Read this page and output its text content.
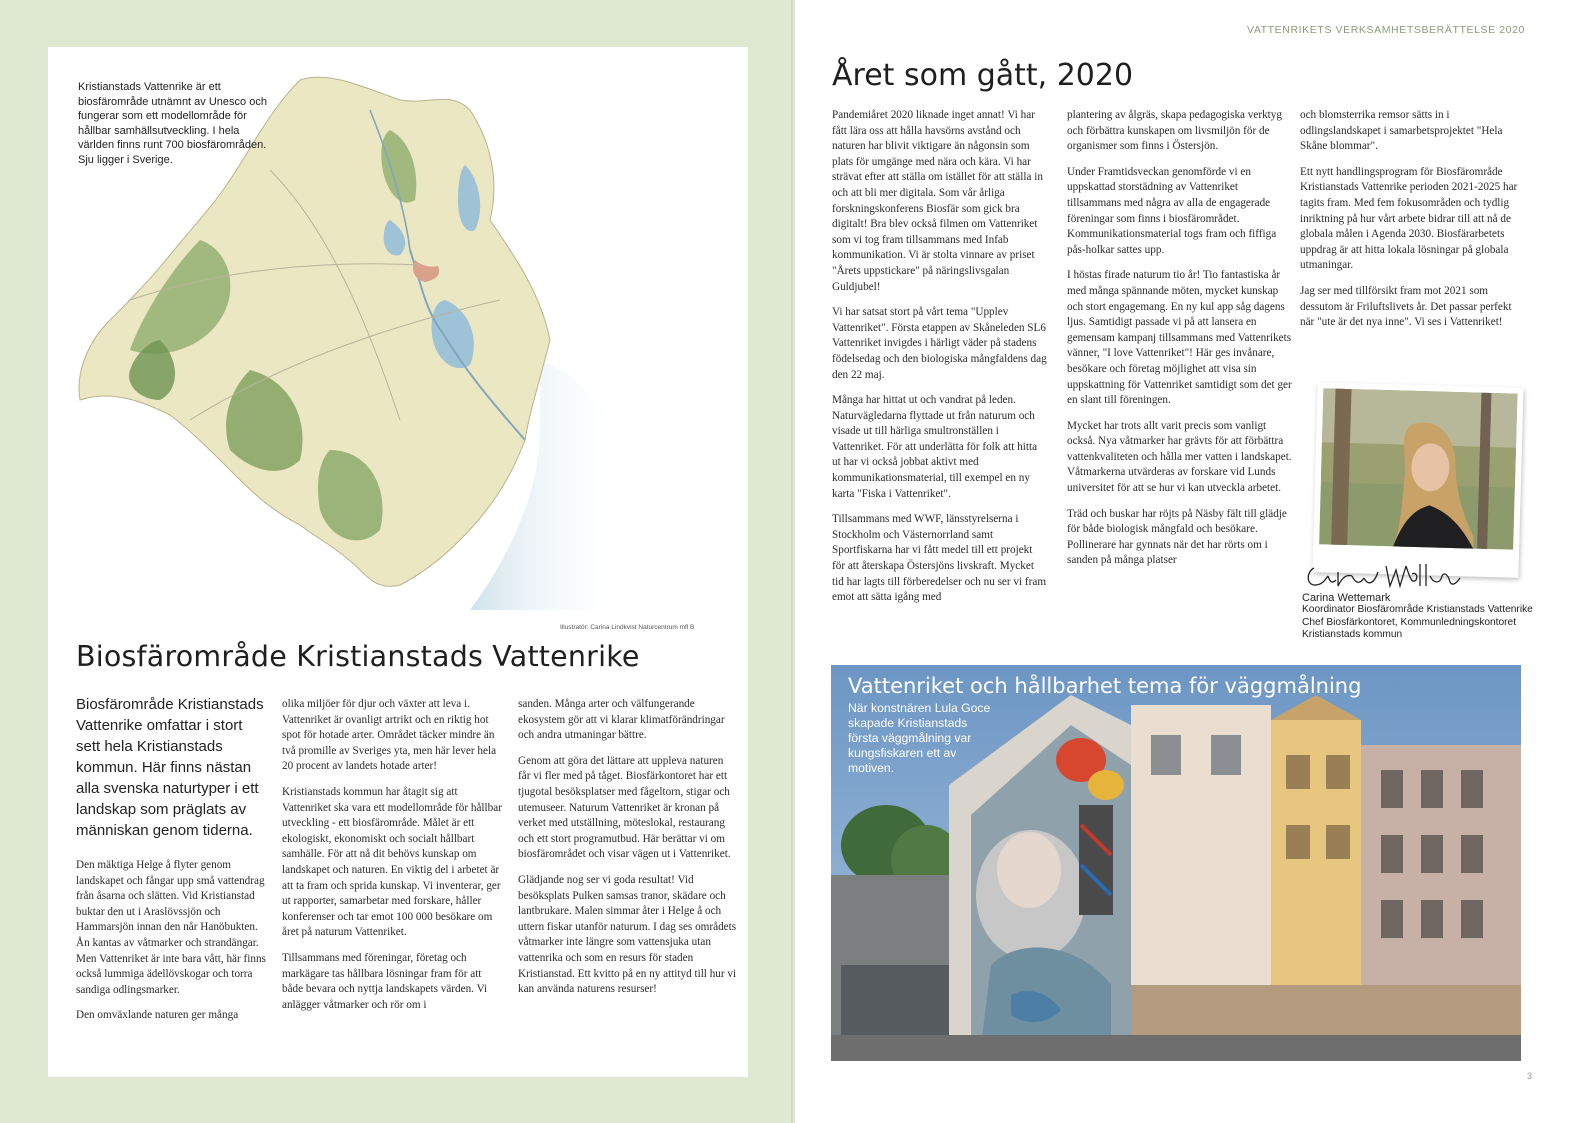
Kristianstads Vattenrike är ett biosfärområde utnämnt av Unesco och fungerar som ett modellområde för hållbar samhällsutveckling. I hela världen finns runt 700 biosfärområden. Sju ligger i Sverige.
Illustratör: Carina Lindkvist Naturcentrum mfl B
Biosfärområde Kristianstads Vattenrike
Biosfärområde Kristianstads Vattenrike omfattar i stort sett hela Kristianstads kommun. Här finns nästan alla svenska naturtyper i ett landskap som präglats av människan genom tiderna.

Den mäktiga Helge å flyter genom landskapet och fångar upp små vattendrag från åsarna och slätten. Vid Kristianstad buktar den ut i Araslövssjön och Hammarsjön innan den når Hanöbukten. Ån kantas av våtmarker och strandängar. Men Vattenriket är inte bara vått, här finns också lummiga ädellövskogar och torra sandiga odlingsmarker.

Den omväxlande naturen ger många

olika miljöer för djur och växter att leva i. Vattenriket är ovanligt artrikt och en riktig hot spot för hotade arter. Området täcker mindre än två promille av Sveriges yta, men här lever hela 20 procent av landets hotade arter!

Kristianstads kommun har åtagit sig att Vattenriket ska vara ett modellområde för hållbar utveckling - ett biosfärområde. Målet är ett ekologiskt, ekonomiskt och socialt hållbart samhälle. För att nå dit behövs kunskap om landskapet och naturen. En viktig del i arbetet är att ta fram och sprida kunskap. Vi inventerar, ger ut rapporter, samarbetar med forskare, håller konferenser och tar emot 100 000 besökare om året på naturum Vattenriket.

Tillsammans med föreningar, företag och markägare tas hållbara lösningar fram för att både bevara och nyttja landskapets värden. Vi anlägger våtmarker och rör om i

sanden. Många arter och välfungerande ekosystem gör att vi klarar klimatförändringar och andra utmaningar bättre.

Genom att göra det lättare att uppleva naturen får vi fler med på tåget. Biosfärkontoret har ett tjugotal besöksplatser med fågeltorn, stigar och utemuseer. Naturum Vattenriket är kronan på verket med utställning, möteslokal, restaurang och ett stort programutbud. Här berättar vi om biosfärområdet och visar vägen ut i Vattenriket.

Glädjande nog ser vi goda resultat! Vid besöksplats Pulken samsas tranor, skädare och lantbrukare. Malen simmar åter i Helge å och uttern fiskar utanför naturum. I dag ses områdets våtmarker inte längre som vattensjuka utan vattenrika och som en resurs för staden Kristianstad. Ett kvitto på en ny attityd till hur vi kan använda naturens resurser!

VATTENRIKETS VERKSAMHETSBERÄTTELSE 2020
Året som gått, 2020

Pandemiåret 2020 liknade inget annat! Vi har fått lära oss att hålla havsörns avstånd och naturen har blivit viktigare än någonsin som plats för umgänge med nära och kära. Vi har strävat efter att ställa om istället för att ställa in och att bli mer digitala. Som vår årliga forskningskonferens Biosfär som gick bra digitalt! Bra blev också filmen om Vattenriket som vi tog fram tillsammans med Infab kommunikation. Vi är stolta vinnare av priset "Årets uppstickare" på näringslivsgalan Guldjubel!

Vi har satsat stort på vårt tema "Upplev Vattenriket". Första etappen av Skåneleden SL6 Vattenriket invigdes i härligt väder på stadens födelsedag och den biologiska mångfaldens dag den 22 maj.

Många har hittat ut och vandrat på leden. Naturvägledarna flyttade ut från naturum och visade ut till härliga smultronställen i Vattenriket. För att underlätta för folk att hitta ut har vi också jobbat aktivt med kommunikationsmaterial, till exempel en ny karta "Fiska i Vattenriket".

Tillsammans med WWF, länsstyrelserna i Stockholm och Västernorrland samt Sportfiskarna har vi fått medel till ett projekt för att återskapa Östersjöns livskraft. Mycket tid har lagts till förberedelser och nu ser vi fram emot att sätta igång med

plantering av ålgräs, skapa pedagogiska verktyg och förbättra kunskapen om livsmiljön för de organismer som finns i Östersjön.

Under Framtidsveckan genomförde vi en uppskattad storstädning av Vattenriket tillsammans med några av alla de engagerade föreningar som finns i biosfärområdet. Kommunikationsmaterial togs fram och fiffiga pås-holkar sattes upp.

I höstas firade naturum tio år! Tio fantastiska år med många spännande möten, mycket kunskap och stort engagemang. En ny kul app såg dagens ljus. Samtidigt passade vi på att lansera en gemensam kampanj tillsammans med Vattenrikets vänner, "I love Vattenriket"! Här ges invånare, besökare och företag möjlighet att visa sin uppskattning för Vattenriket samtidigt som det ger en slant till föreningen.

Mycket har trots allt varit precis som vanligt också. Nya våtmarker har grävts för att förbättra vattenkvaliteten och hålla mer vatten i landskapet. Våtmarkerna utvärderas av forskare vid Lunds universitet för att se hur vi kan utveckla arbetet.

Träd och buskar har röjts på Näsby fält till glädje för både biologisk mångfald och besökare. Pollinerare har gynnats när det har rörts om i sanden på många platser

och blomsterrika remsor sätts in i odlingslandskapet i samarbetsprojektet "Hela Skåne blommar".

Ett nytt handlingsprogram för Biosfärområde Kristianstads Vattenrike perioden 2021-2025 har tagits fram. Med fem fokusområden och tydlig inriktning på hur vårt arbete bidrar till att nå de globala målen i Agenda 2030. Biosfärarbetets uppdrag är att hitta lokala lösningar på globala utmaningar.

Jag ser med tillförsikt fram mot 2021 som dessutom är Friluftslivets år. Det passar perfekt när "ute är det nya inne". Vi ses i Vattenriket!

Carina Wettemark
Koordinator Biosfärområde Kristianstads Vattenrike
Chef Biosfärkontoret, Kommunledningskontoret
Kristianstads kommun
Vattenriket och hållbarhet tema för väggmålning
När konstnären Lula Goce skapade Kristianstads första väggmålning var kungsfiskaren ett av motiven.
3
